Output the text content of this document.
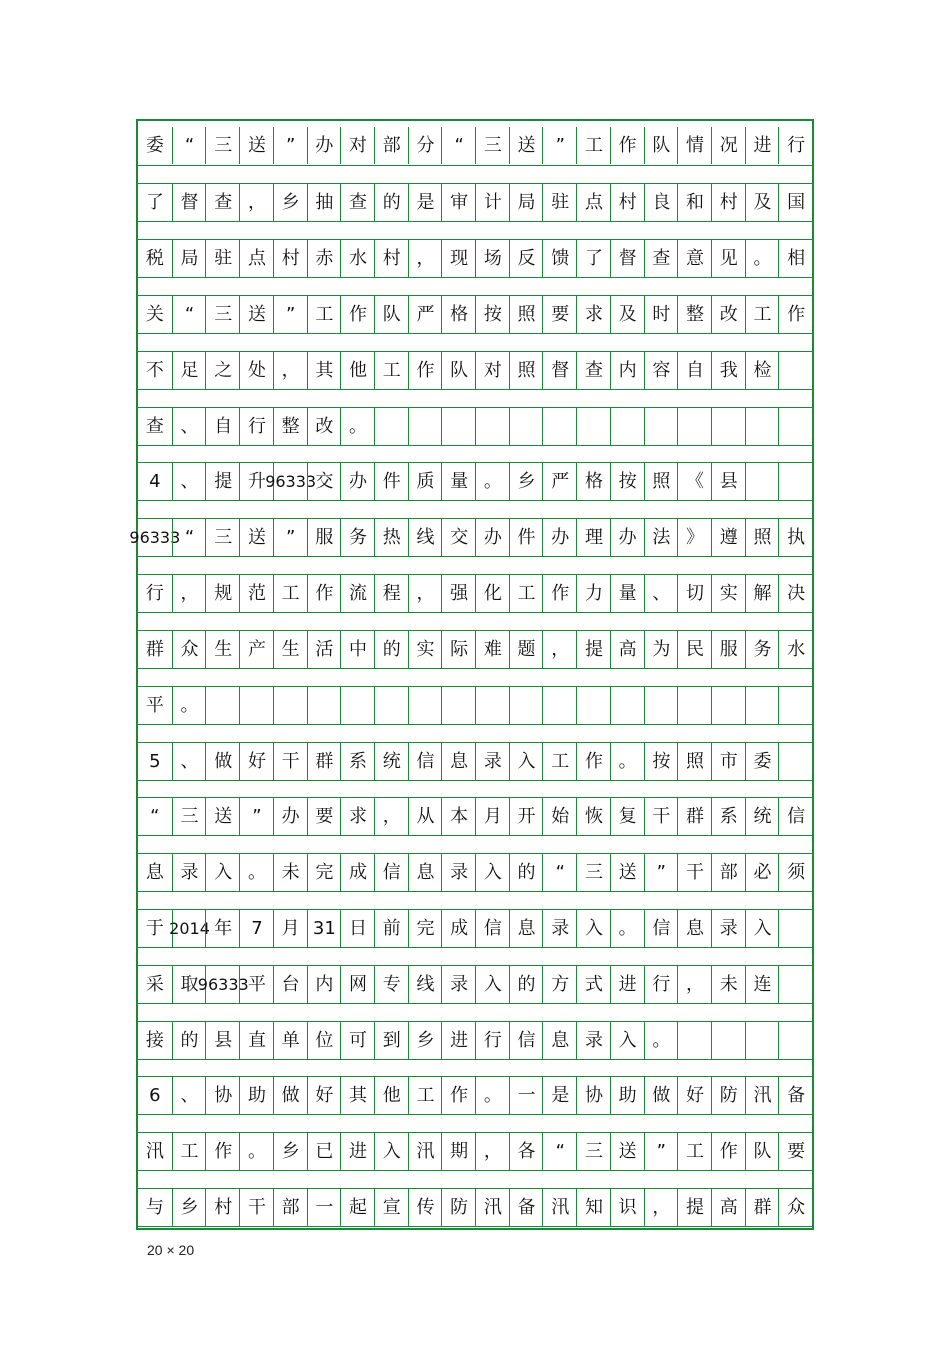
委	“	三 送	”	办 对 部 分	“	三 送	”	工 作 队 情 况 进 行
了 督 查 ， 乡 抽 查 的 是 审 计 局 驻 点 村 良 和 村 及 国
税 局 驻 点 村 赤 水 村 ， 现 场 反 馈 了 督 查 意 见 。 相
关	“	三 送	”	工 作 队 严 格 按 照 要 求 及 时 整 改 工 作
不 足 之 处 ， 其 他 工 作 队 对 照 督 查 内 容 自 我 检
查 、 自 行 整 改 。
4	、 提 升 96333 交 办 件 质 量 。 乡 严 格 按 照 《 县
96333 “	三 送	”	服 务 热 线 交 办 件 办 理 办 法 》 遵 照 执
行 ， 规 范 工 作 流 程 ， 强 化 工 作 力 量 、 切 实 解 决
群 众 生 产 生 活 中 的 实 际 难 题 ， 提 高 为 民 服 务 水
平 。
5	、 做 好 干 群 系 统 信 息 录 入 工 作 。 按 照 市 委
“	三 送	”	办 要 求 ， 从 本 月 开 始 恢 复 干 群 系 统 信
息 录 入 。 未 完 成 信 息 录 入 的	“	三 送	”	干 部 必 须
于 2014 年	7	月 31 日 前 完 成 信 息 录 入 。 信 息 录 入
采 取 96333 平 台 内 网 专 线 录 入 的 方 式 进 行 ， 未 连
接 的 县 直 单 位 可 到 乡 进 行 信 息 录 入 。
6	、 协 助 做 好 其 他 工 作 。 一 是 协 助 做 好 防 汛 备
汛 工 作 。 乡 已 进 入 汛 期 ， 各	“	三 送	”	工 作 队 要
与 乡 村 干 部 一 起 宣 传 防 汛 备 汛 知 识 ， 提 高 群 众
20 × 20
